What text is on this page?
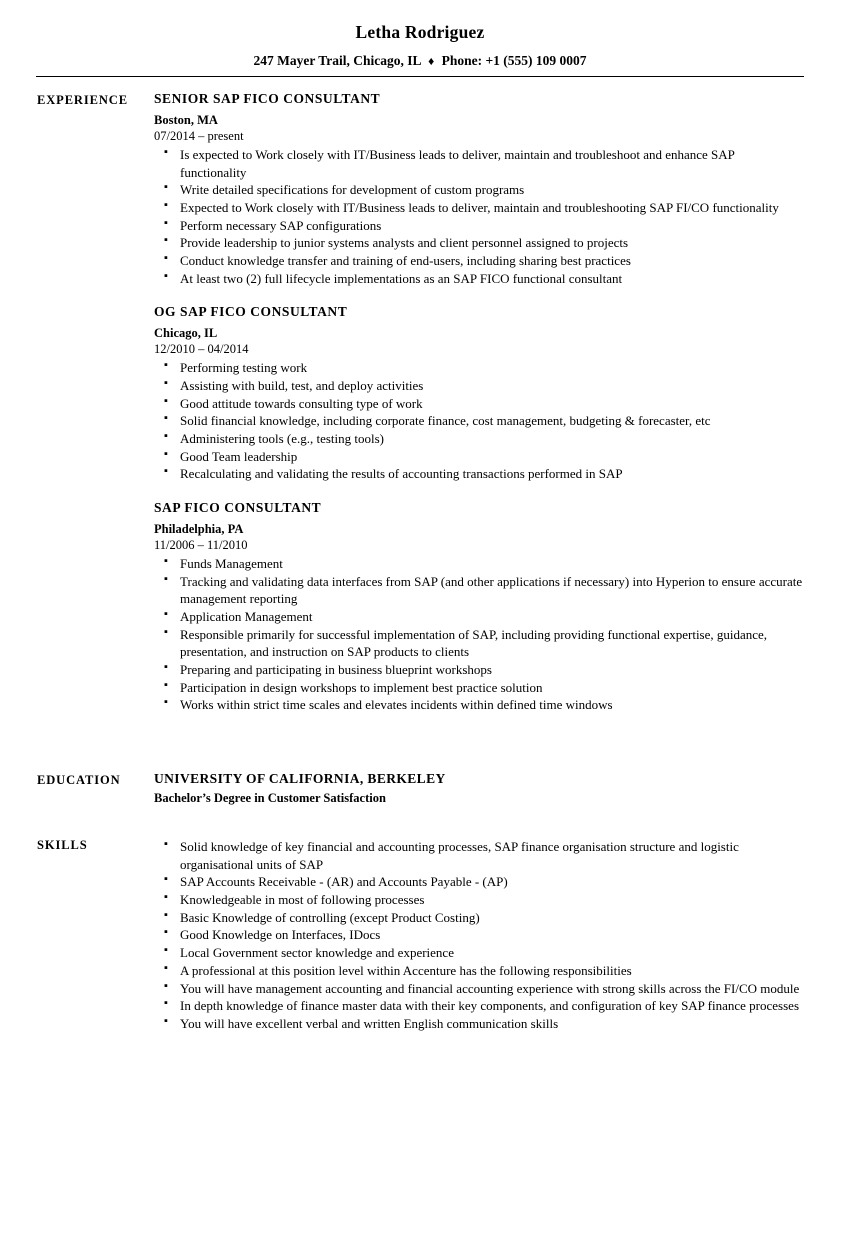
Letha Rodriguez
247 Mayer Trail, Chicago, IL ♦ Phone: +1 (555) 109 0007
EXPERIENCE	SENIOR SAP FICO CONSULTANT
Boston, MA
07/2014 – present
▪ Is expected to Work closely with IT/Business leads to deliver, maintain and troubleshoot and enhance SAP functionality
▪ Write detailed specifications for development of custom programs
▪ Expected to Work closely with IT/Business leads to deliver, maintain and troubleshooting SAP FI/CO functionality
▪ Perform necessary SAP configurations
▪ Provide leadership to junior systems analysts and client personnel assigned to projects
▪ Conduct knowledge transfer and training of end-users, including sharing best practices
▪ At least two (2) full lifecycle implementations as an SAP FICO functional consultant
OG SAP FICO CONSULTANT
Chicago, IL
12/2010 – 04/2014
▪ Performing testing work
▪ Assisting with build, test, and deploy activities
▪ Good attitude towards consulting type of work
▪ Solid financial knowledge, including corporate finance, cost management, budgeting & forecaster, etc
▪ Administering tools (e.g., testing tools)
▪ Good Team leadership
▪ Recalculating and validating the results of accounting transactions performed in SAP
SAP FICO CONSULTANT
Philadelphia, PA
11/2006 – 11/2010
▪ Funds Management
▪ Tracking and validating data interfaces from SAP (and other applications if necessary) into Hyperion to ensure accurate management reporting
▪ Application Management
▪ Responsible primarily for successful implementation of SAP, including providing functional expertise, guidance, presentation, and instruction on SAP products to clients
▪ Preparing and participating in business blueprint workshops
▪ Participation in design workshops to implement best practice solution
▪ Works within strict time scales and elevates incidents within defined time windows
EDUCATION	UNIVERSITY OF CALIFORNIA, BERKELEY
Bachelor’s Degree in Customer Satisfaction
SKILLS	▪ Solid knowledge of key financial and accounting processes, SAP finance organisation structure and logistic organisational units of SAP
▪ SAP Accounts Receivable - (AR) and Accounts Payable - (AP)
▪ Knowledgeable in most of following processes
▪ Basic Knowledge of controlling (except Product Costing)
▪ Good Knowledge on Interfaces, IDocs
▪ Local Government sector knowledge and experience
▪ A professional at this position level within Accenture has the following responsibilities
▪ You will have management accounting and financial accounting experience with strong skills across the FI/CO module
▪ In depth knowledge of finance master data with their key components, and configuration of key SAP finance processes
▪ You will have excellent verbal and written English communication skills
